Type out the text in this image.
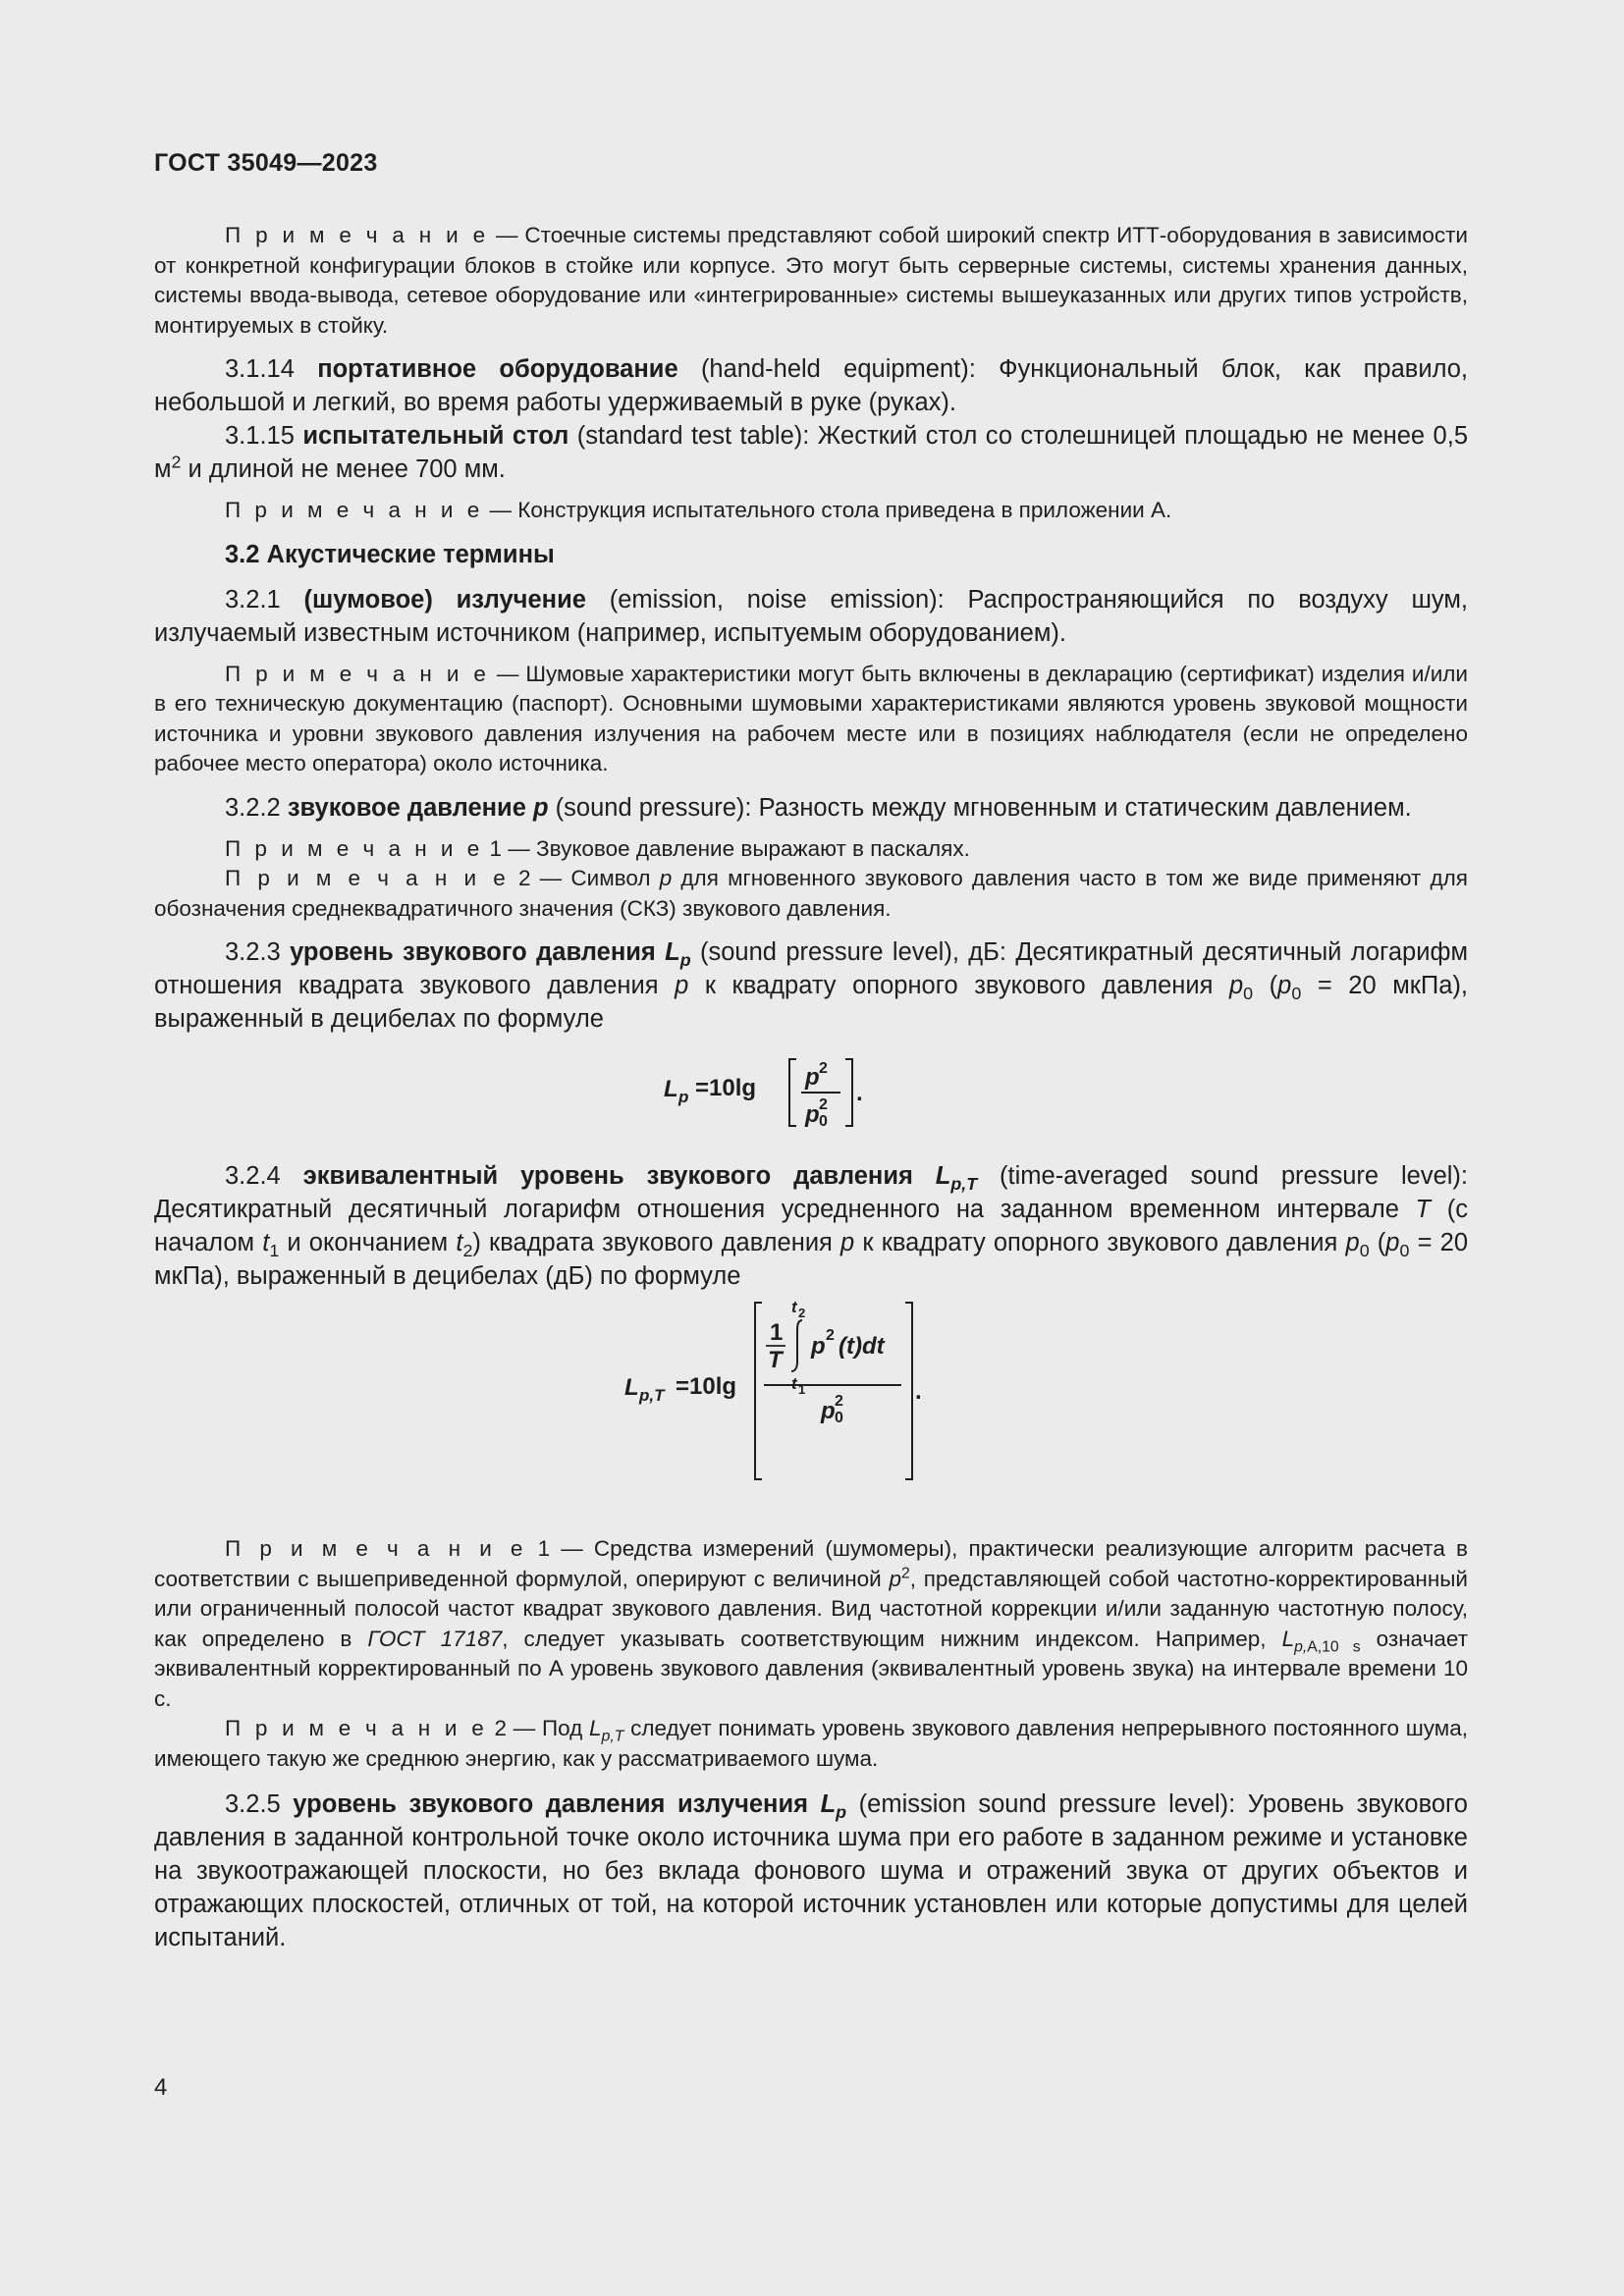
ГОСТ 35049—2023

П р и м е ч а н и е — Стоечные системы представляют собой широкий спектр ИТТ-оборудования в зависимости от конкретной конфигурации блоков в стойке или корпусе. Это могут быть серверные системы, системы хранения данных, системы ввода-вывода, сетевое оборудование или «интегрированные» системы вышеуказанных или других типов устройств, монтируемых в стойку.

3.1.14 портативное оборудование (hand-held equipment): Функциональный блок, как правило, небольшой и легкий, во время работы удерживаемый в руке (руках).

3.1.15 испытательный стол (standard test table): Жесткий стол со столешницей площадью не менее 0,5 $м^2$ и длиной не менее 700 мм.

П р и м е ч а н и е — Конструкция испытательного стола приведена в приложении А.

3.2 Акустические термины

3.2.1 (шумовое) излучение (emission, noise emission): Распространяющийся по воздуху шум, излучаемый известным источником (например, испытуемым оборудованием).

П р и м е ч а н и е — Шумовые характеристики могут быть включены в декларацию (сертификат) изделия и/или в его техническую документацию (паспорт). Основными шумовыми характеристиками являются уровень звуковой мощности источника и уровни звукового давления излучения на рабочем месте или в позициях наблюдателя (если не определено рабочее место оператора) около источника.

3.2.2 звуковое давление p (sound pressure): Разность между мгновенным и статическим давлением.

П р и м е ч а н и е 1 — Звуковое давление выражают в паскалях.

П р и м е ч а н и е 2 — Символ p для мгновенного звукового давления часто в том же виде применяют для обозначения среднеквадратичного значения (СКЗ) звукового давления.

3.2.3 уровень звукового давления $L_p$ (sound pressure level), дБ: Десятикратный десятичный логарифм отношения квадрата звукового давления p к квадрату опорного звукового давления $p_0$ ($p_0 = 20$ мкПа), выраженный в децибелах по формуле

L p =10lg p 2
p 0
2 .

3.2.4 эквивалентный уровень звукового давления $L_{p,T}$ (time-averaged sound pressure level): Десятикратный десятичный логарифм отношения усредненного на заданном временном интервале T (с началом $t_1$ и окончанием $t_2$) квадрата звукового давления p к квадрату опорного звукового давления $p_0$ ($p_0 = 20$ мкПа), выраженный в децибелах (дБ) по формуле

L p,T =10lg
1
T
t 2
t 1
p 2 (t)dt
p 0
2	.

П р и м е ч а н и е 1 — Средства измерений (шумомеры), практически реализующие алгоритм расчета в соответствии с вышеприведенной формулой, оперируют с величиной $p^2$, представляющей собой частотно-корректированный или ограниченный полосой частот квадрат звукового давления. Вид частотной коррекции и/или заданную частотную полосу, как определено в ГОСТ 17187, следует указывать соответствующим нижним индексом. Например, $L_{p,A,10 s}$ означает эквивалентный корректированный по А уровень звукового давления (эквивалентный уровень звука) на интервале времени 10 с.

П р и м е ч а н и е 2 — Под $L_{p,T}$ следует понимать уровень звукового давления непрерывного постоянного шума, имеющего такую же среднюю энергию, как у рассматриваемого шума.

3.2.5 уровень звукового давления излучения $L_p$ (emission sound pressure level): Уровень звукового давления в заданной контрольной точке около источника шума при его работе в заданном режиме и установке на звукоотражающей плоскости, но без вклада фонового шума и отражений звука от других объектов и отражающих плоскостей, отличных от той, на которой источник установлен или которые допустимы для целей испытаний.

4
